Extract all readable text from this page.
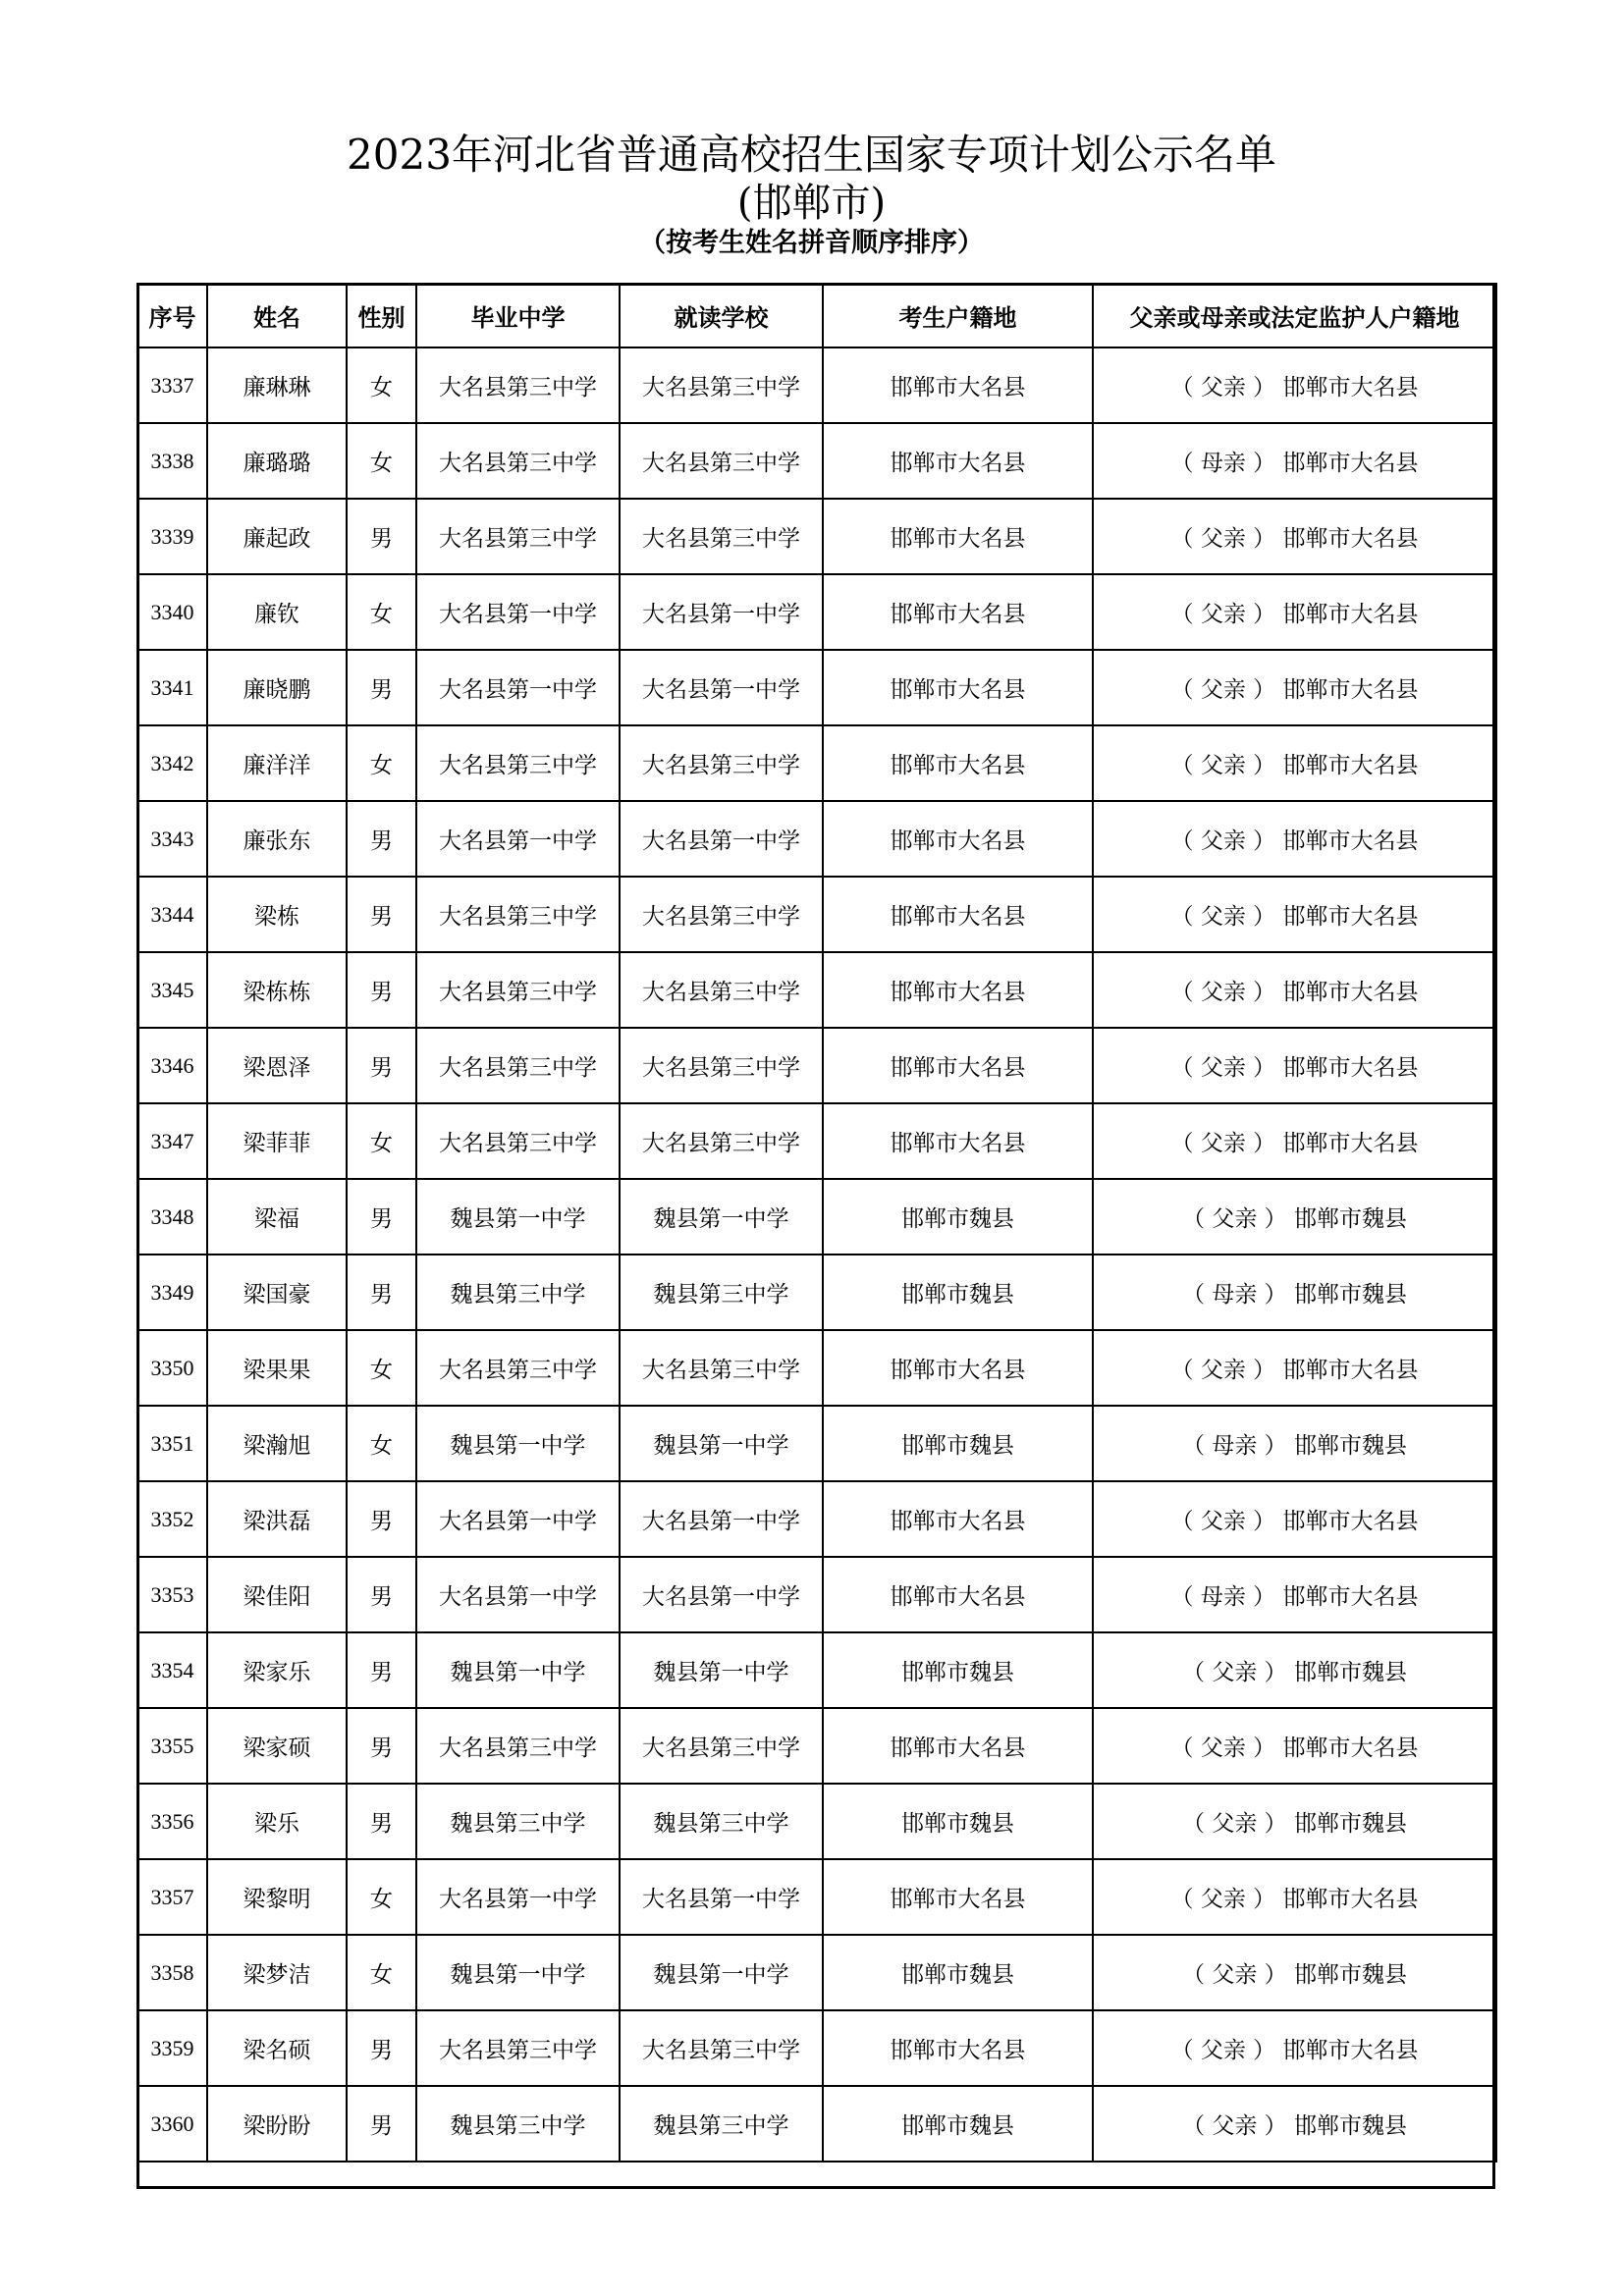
2023年河北省普通高校招生国家专项计划公示名单
(邯郸市)
（按考生姓名拼音顺序排序）
序号	姓名	性别	毕业中学	就读学校	考生户籍地	父亲或母亲或法定监护人户籍地
3337	廉琳琳	女	大名县第三中学	大名县第三中学	邯郸市大名县	（ 父亲 ） 邯郸市大名县
3338	廉璐璐	女	大名县第三中学	大名县第三中学	邯郸市大名县	（ 母亲 ） 邯郸市大名县
3339	廉起政	男	大名县第三中学	大名县第三中学	邯郸市大名县	（ 父亲 ） 邯郸市大名县
3340	廉钦	女	大名县第一中学	大名县第一中学	邯郸市大名县	（ 父亲 ） 邯郸市大名县
3341	廉晓鹏	男	大名县第一中学	大名县第一中学	邯郸市大名县	（ 父亲 ） 邯郸市大名县
3342	廉洋洋	女	大名县第三中学	大名县第三中学	邯郸市大名县	（ 父亲 ） 邯郸市大名县
3343	廉张东	男	大名县第一中学	大名县第一中学	邯郸市大名县	（ 父亲 ） 邯郸市大名县
3344	梁栋	男	大名县第三中学	大名县第三中学	邯郸市大名县	（ 父亲 ） 邯郸市大名县
3345	梁栋栋	男	大名县第三中学	大名县第三中学	邯郸市大名县	（ 父亲 ） 邯郸市大名县
3346	梁恩泽	男	大名县第三中学	大名县第三中学	邯郸市大名县	（ 父亲 ） 邯郸市大名县
3347	梁菲菲	女	大名县第三中学	大名县第三中学	邯郸市大名县	（ 父亲 ） 邯郸市大名县
3348	梁福	男	魏县第一中学	魏县第一中学	邯郸市魏县	（ 父亲 ） 邯郸市魏县
3349	梁国豪	男	魏县第三中学	魏县第三中学	邯郸市魏县	（ 母亲 ） 邯郸市魏县
3350	梁果果	女	大名县第三中学	大名县第三中学	邯郸市大名县	（ 父亲 ） 邯郸市大名县
3351	梁瀚旭	女	魏县第一中学	魏县第一中学	邯郸市魏县	（ 母亲 ） 邯郸市魏县
3352	梁洪磊	男	大名县第一中学	大名县第一中学	邯郸市大名县	（ 父亲 ） 邯郸市大名县
3353	梁佳阳	男	大名县第一中学	大名县第一中学	邯郸市大名县	（ 母亲 ） 邯郸市大名县
3354	梁家乐	男	魏县第一中学	魏县第一中学	邯郸市魏县	（ 父亲 ） 邯郸市魏县
3355	梁家硕	男	大名县第三中学	大名县第三中学	邯郸市大名县	（ 父亲 ） 邯郸市大名县
3356	梁乐	男	魏县第三中学	魏县第三中学	邯郸市魏县	（ 父亲 ） 邯郸市魏县
3357	梁黎明	女	大名县第一中学	大名县第一中学	邯郸市大名县	（ 父亲 ） 邯郸市大名县
3358	梁梦洁	女	魏县第一中学	魏县第一中学	邯郸市魏县	（ 父亲 ） 邯郸市魏县
3359	梁名硕	男	大名县第三中学	大名县第三中学	邯郸市大名县	（ 父亲 ） 邯郸市大名县
3360	梁盼盼	男	魏县第三中学	魏县第三中学	邯郸市魏县	（ 父亲 ） 邯郸市魏县
